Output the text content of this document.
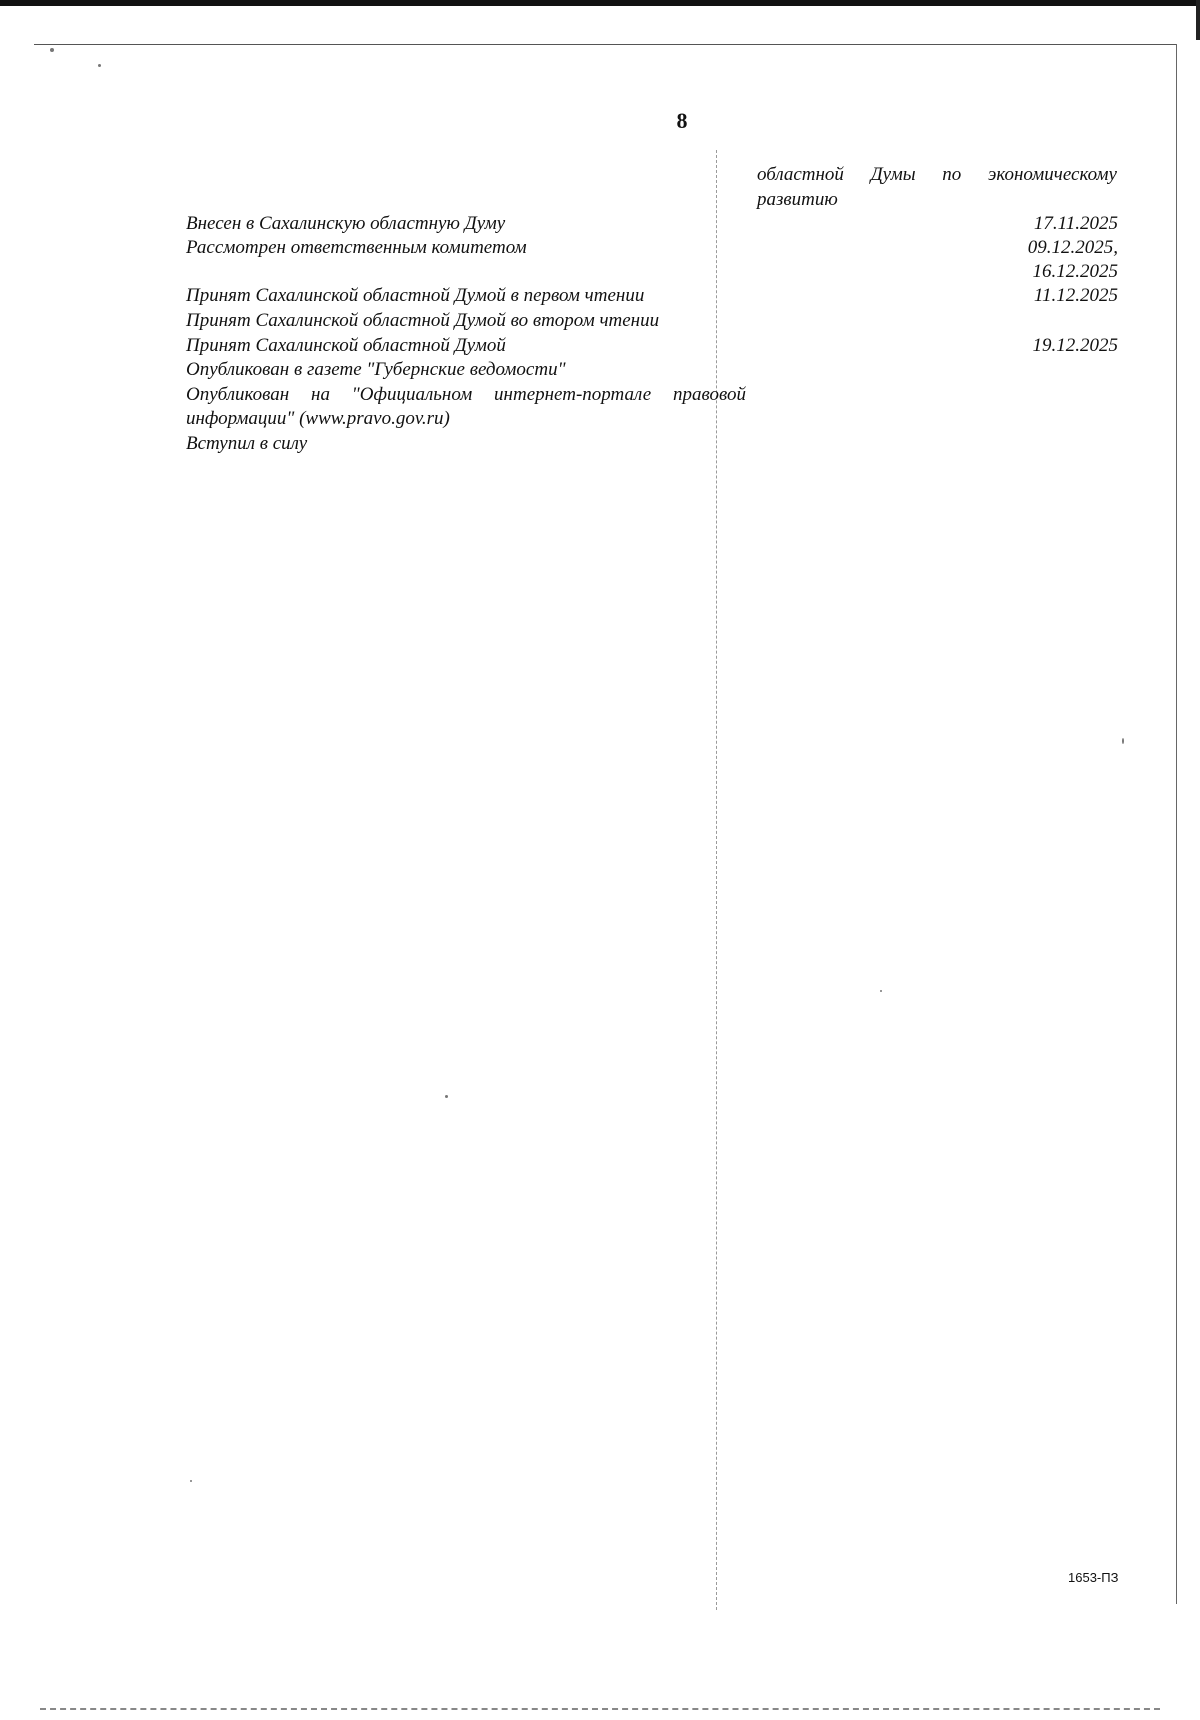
8
областной Думы по экономическому
развитию
Внесен в Сахалинскую областную Думу	17.11.2025
Рассмотрен ответственным комитетом	09.12.2025,
16.12.2025
Принят Сахалинской областной Думой в первом чтении	11.12.2025
Принят Сахалинской областной Думой во втором чтении
Принят Сахалинской областной Думой	19.12.2025
Опубликован в газете "Губернские ведомости"
Опубликован на "Официальном интернет-портале правовой
информации" (www.pravo.gov.ru)
Вступил в силу
1653-ПЗ
